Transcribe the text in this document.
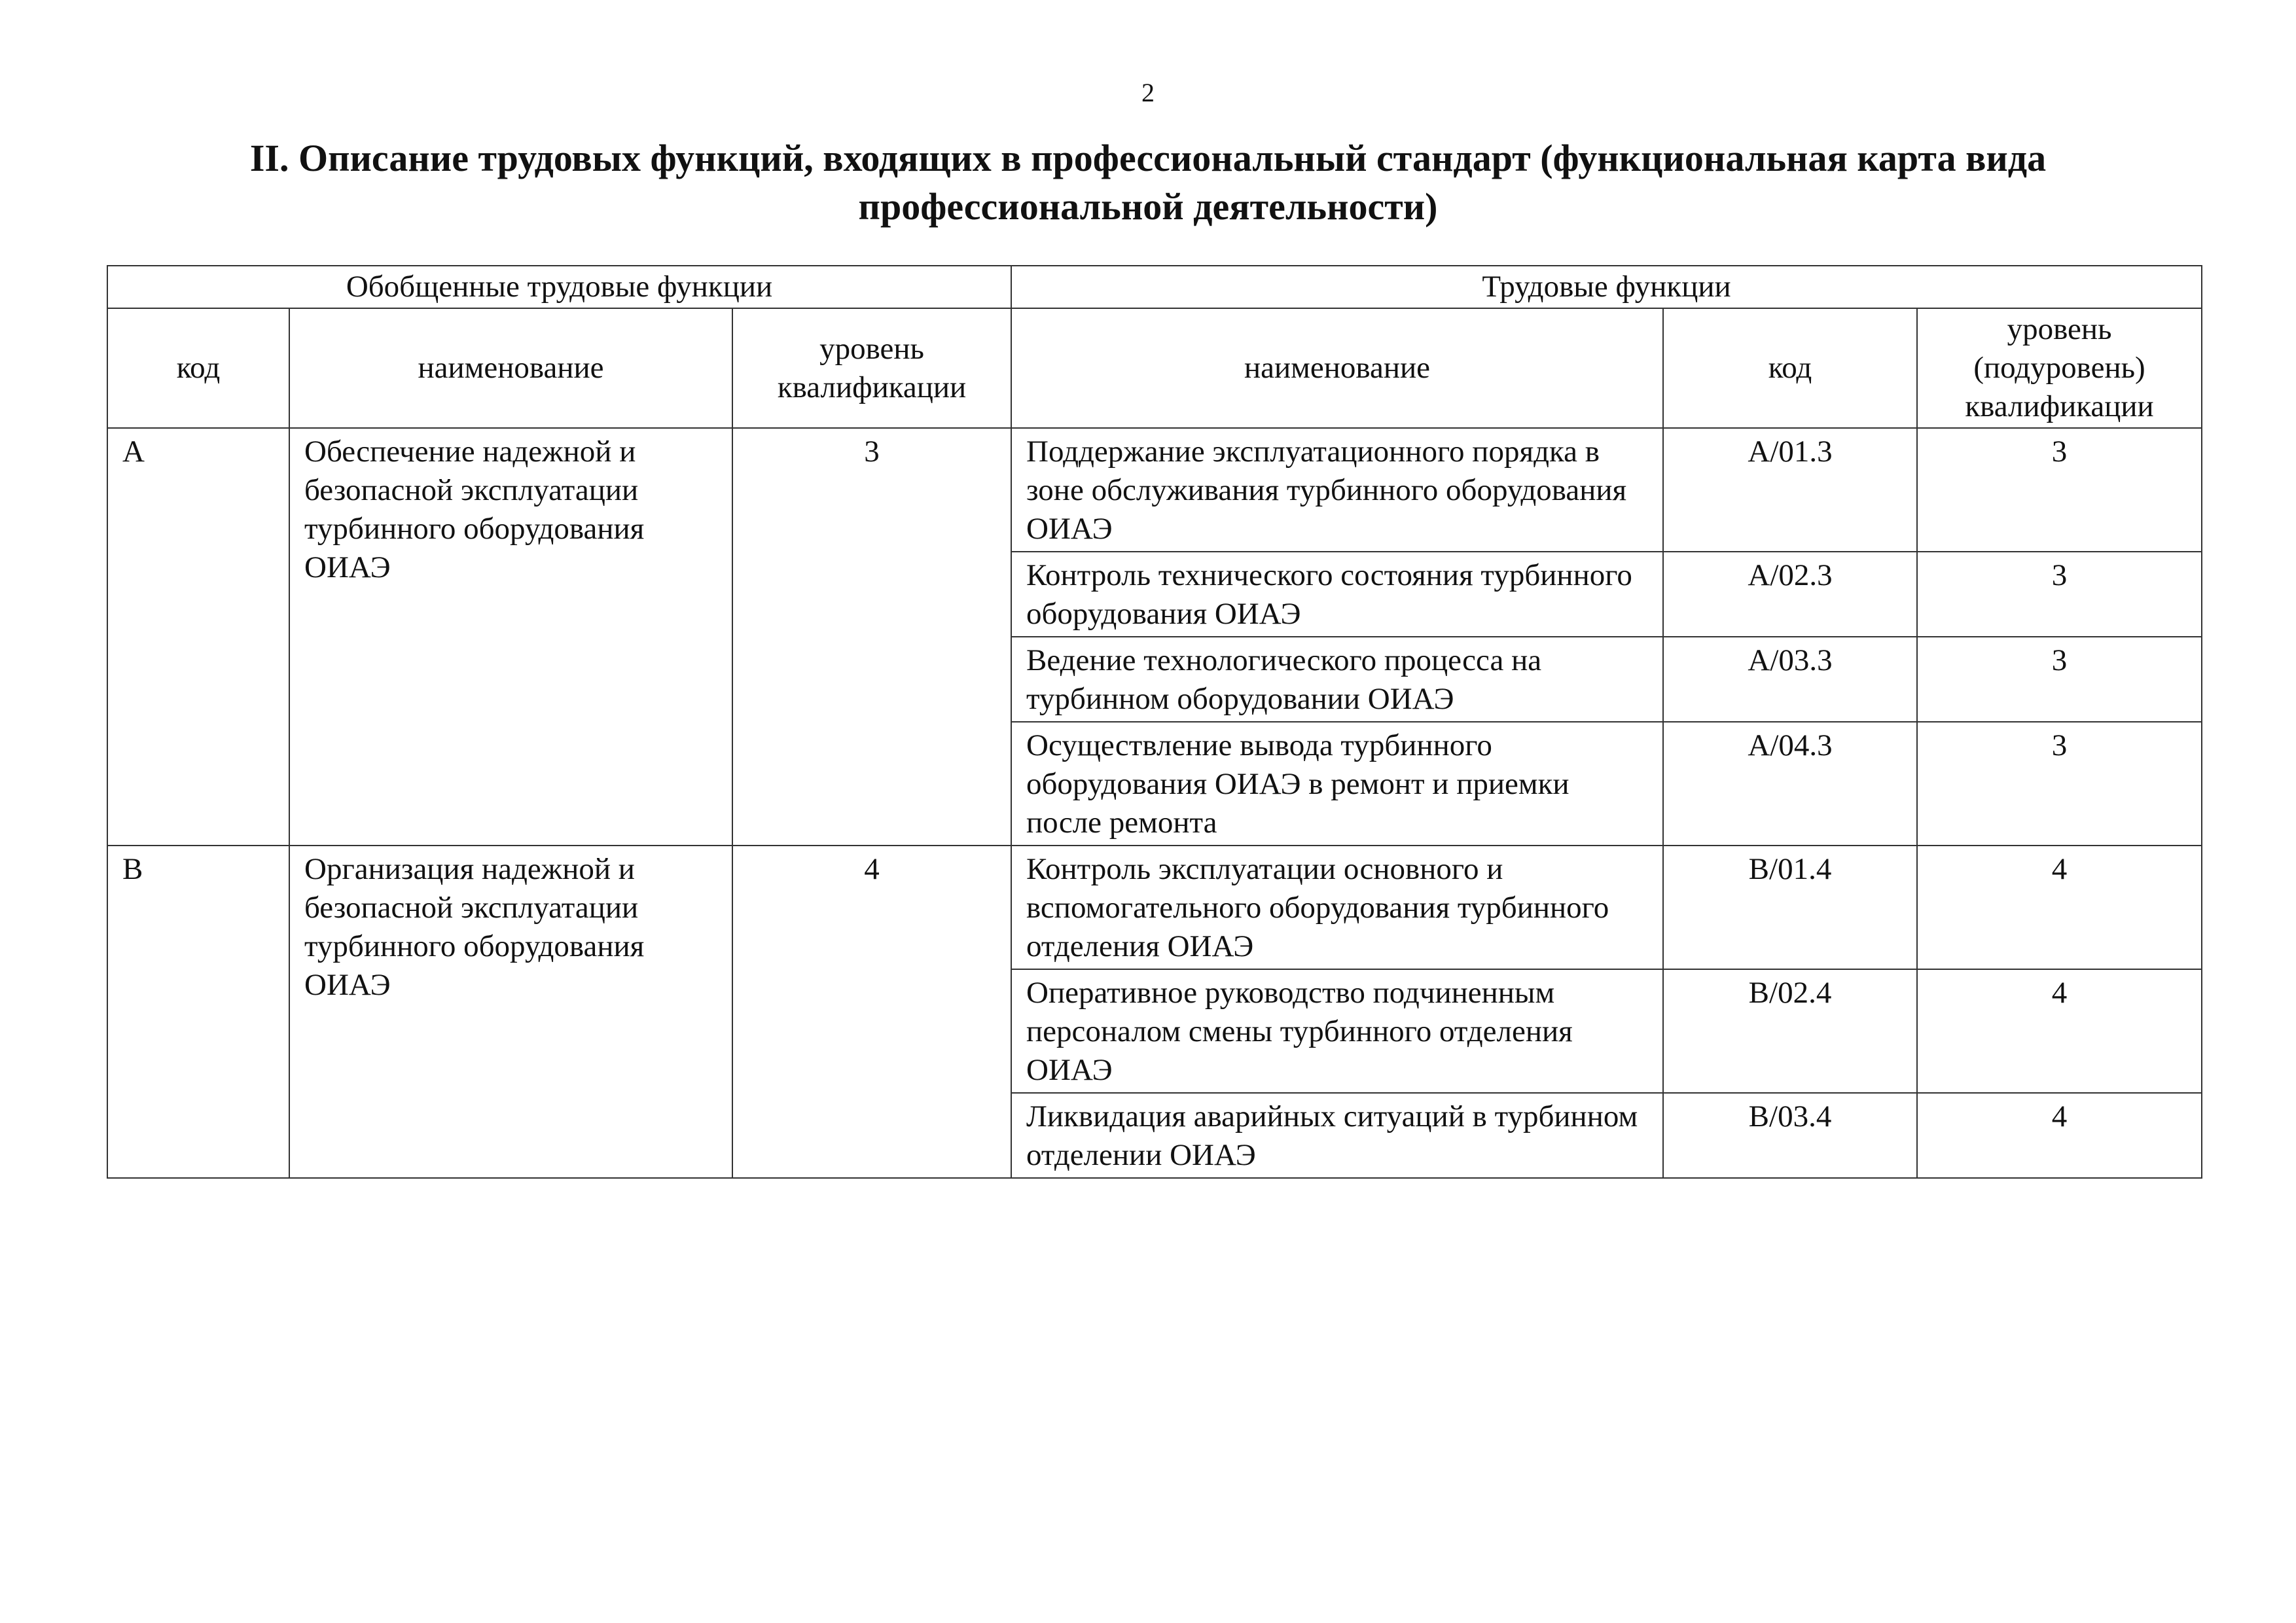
2
II. Описание трудовых функций, входящих в профессиональный стандарт (функциональная карта вида профессиональной деятельности)
Обобщенные трудовые функции			Трудовые функции		
код	наименование	уровень квалификации	наименование	код	уровень (подуровень) квалификации
A	Обеспечение надежной и безопасной эксплуатации турбинного оборудования ОИАЭ	3	Поддержание эксплуатационного порядка в зоне обслуживания турбинного оборудования ОИАЭ	A/01.3	3
			Контроль технического состояния турбинного оборудования ОИАЭ	A/02.3	3
			Ведение технологического процесса на турбинном оборудовании ОИАЭ	A/03.3	3
			Осуществление вывода турбинного оборудования ОИАЭ в ремонт и приемки после ремонта	A/04.3	3
B	Организация надежной и безопасной эксплуатации турбинного оборудования ОИАЭ	4	Контроль эксплуатации основного и вспомогательного оборудования турбинного отделения ОИАЭ	B/01.4	4
			Оперативное руководство подчиненным персоналом смены турбинного отделения ОИАЭ	B/02.4	4
			Ликвидация аварийных ситуаций в турбинном отделении ОИАЭ	B/03.4	4
